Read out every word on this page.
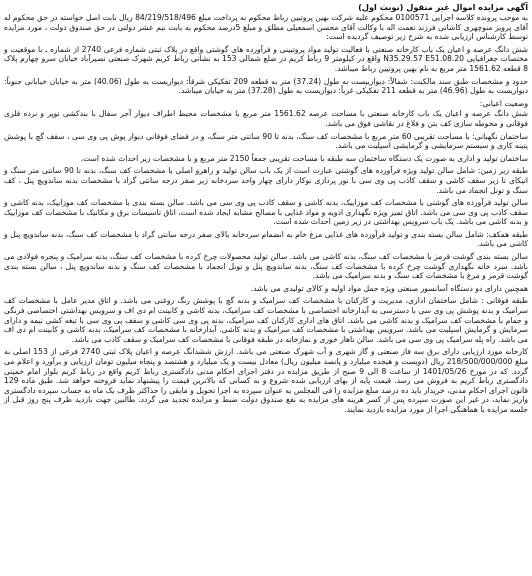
آگهی مزایده اموال غیر منقول (نوبت اول)

به موجب پرونده کلاسه اجرایی 0100571 محکوم علیه شرکت بهین پروتیین رباط محکوم به پرداخت مبلغ 84/219/518/496 ریال بابت اصل خواسته در حق محکوم له آقای پرویز منوچهری کاشانی فرزند نعمت اله با وکالت آقای محسن اسمعیلی مطلق و مبلغ 5درصد محکوم به بابت نیم عشر دولتی در حق صندوق دولت ، مورد مزایده توسط کارشناس ارزیابی شده به شرح زیر توصیف گردیده است:

شش دانگ عرصه و اعیان یک باب کارخانه صنعتی با فعالیت تولید مواد پروتیینی و فرآورده های گوشتی واقع در پلاک ثبتی شماره فرعی 2740 از شماره ـ با موقعیت و مختصات جغرافیایی N35.29.57 E51.08.20 واقع در کیلومتر 9 رباط کریم در ضلع شمالی 153 به نشانی رباط کریم شهرک صنعتی نصیرآباد خیابان سرو چهارم پلاک 8 قطعه 1561.62 متر مربع به نام بهین پروتیین رباط میباشد.

حدود و مشخصات طبق سند مالکیت: شمالاً: دیوارییست به طول (37.24) متر به قطعه 209 تفکیکی شرقاً: دیواریست به طول (40.06) متر به خیابان خیابانی جنوباً: دیواریست به طول (46.96) متر به قطعه 211 تفکیکی غرباً: دیواریست به طول (37.28) متر به خیابان میباشد.

وضعیت اعیانی:

شش دانگ عرصه و اعیان یک باب کارخانه صنعتی با مساحت عرصه 1561.62 متر مربع با مشخصات محیط اطراف دیوار آجر سفال با بندکشی توپر و نرده فلزی فوقانی و محوطه سازی کف بتن و فلاغ در نقاشی فوق می باشد.

ساختمان نگهبانی: با مساحت تقریبی 60 متر مربع با مشخصات کف سنگ، بدنه تا 90 سانتی متر سنگ، و در فضای فوقانی دیوار پوش پی وی سی ، سقف گچ با پوشش پتینه کاری و سیستم سرمایشی و گرمایشی اسپلیت می باشد.

ساختمان تولید و اداری به صورت یک دستگاه ساختمان سه طبقه با مساحت تقریبی جمعاً 2150 متر مربع و با مشخصات زیر احداث شده است.

طبقه زیر زمین: شامل سالن تولید ویژه فرآورده های گوشتی عبارت است از یک باب سالن تولید و راهرو اصلی با مشخصات کف سنگ، بدنه تا 90 سانتی متر سنگ و اتیکای تا زیر سقف کاشی و سقف کاذب پی وی سی با نور پردازی نوکار دارای چهار واحد سردخانه زیر صفر درجه سانتی گراد با مشخصات بدنه ساندویچ پنل ، کف سنگ و تونل انجماد می باشد.

سالن تولید فرآورده های گوشتی با مشخصات کف موزاییک، بدنه کاشی و سقف کاذب پی وی سی می باشد. سالن بسته بندی با مشخصات کف موزاییک، بدنه کاشی و سقف کاذب پی وی سی می باشد. اتاق تمیز ویژه نگهداری ادویه و مواد غذایی با مصالح مشابه ایجاد شده است، اتاق تاسیسات برق و مکانیک با مشخصات کف موزاییک و بدنه کاشی می باشد. یک باب سرویس بهداشتی در زیر زمین احداث شده است.

طبقه همکف: شامل سالن بسته بندی و تولید فرآورده های غذایی مرغ خام به انضمام سردخانه بالای صفر درجه سانتی گراد با مشخصات کف سنگ، بدنه ساندویچ پنل و کاشی می باشد.

سالن بسته بندی گوشت قرمز با مشخصات کف سنگ، بدنه کاشی می باشد. سالن تولید محصولات چرخ کرده با مشخصات کف سنگ، بدنه سرامیک و پنجره فولادی می باشد. سرد خانه نگهداری گوشت چرخ کرده با مشخصات کف سنگ، بدنه ساندویچ پنل و تونل انجماد با مشخصات کف سنگ و بدنه ساندویچ پنل ، سالن بسته بندی گوشت قرمز و مرغ با مشخصات کف سنگ و بدنه سرامیک می باشد.

همچنین دارای دو دستگاه آسانسور صنعتی ویژه حمل مواد اولیه و کالای تولیدی می باشد.

طبقه فوقانی : شامل ساختمان اداری، مدیریت و کارکنان با مشخصات کف سرامیک و بدنه گچ با پوشش رنگ روغنی می باشد. و اتاق مدیر عامل با مشخصات کف سرامیک و بدنه پوشش پی وی سی با دسترسی به آبدارخانه اختصاصی با مشخصات کف سرامیک، بدنه کاشی و کابینت ام دی اف و سرویس بهداشتی اختصاصی فرنگی و حمام با مشخصات کف سرامیک و بدنه کاشی می باشد. اتاق های اداری کارکنان کف سرامیک، بدنه پی وی سی کاشی و سقف پی وی سی با تیغه کشی نیمه و دارای سرمایش و گرمایش اسپلیت می باشد. سرویس بهداشتی با مشخصات کف سرامیک و بدنه کاشی. آبدارخانه با مشخصات کف سرامیک، بدنه کاشی و کابینت ام دی اف می باشد. راه پله سرامیک پی وی سی می باشد. سالن ناهار خوری و نمازخانه در طبقه فوقانی با مشخصات کف سرامیک و سقف کاذب می باشد.

کارخانه مورد ارزیابی دارای برق سه فاز صنعتی و گاز شهری و آب شهرک صنعتی می باشد. ارزش ششدانگ عرصه و اعیان پلاک ثبتی 2740 فرعی از 153 اصلی به مبلغ 218/500/000/000 ریال (دویست و هیجده میلیارد و پانصد میلیون ریال) معادل بیست و یک میلیارد و هشتصد و پنجاه میلیون تومان ارزیابی و برآورد و اعلام می گردد. که در مورخ 1401/05/26 از ساعت 8 الی 9 صبح از طریق مزایده در دفتر اجرای احکام مدنی دادگستری رباط کریم واقع در رباط کریم بلوار امام خمینی دادگستری رباط کریم به فروش می رسد. قیمت پایه از بهای ارزیابی شده شروع و به کسانی که بالاترین قیمت را پیشنهاد نماید فروخته خواهد شد. طبق ماده 129 قانون اجرای احکام مدنی، خریدار باید ده درصد مبلغ مزایده را فی المجلس به عنوان سپرده به اجرا تحویل و مابقی را حداکثر ظرف یک ماه به حساب سپرده دادگستری واریز نماید، در غیر این صورت سپرده پس از کسر هزینه های مزایده به نفع صندوق دولت ضبط و مزایده تجدید می گردد. طالبین جهت بازدید ظرف پنج روز قبل از جلسه مزایده با هماهنگی اجرا از مورد مزایده بازدید نمایند.
